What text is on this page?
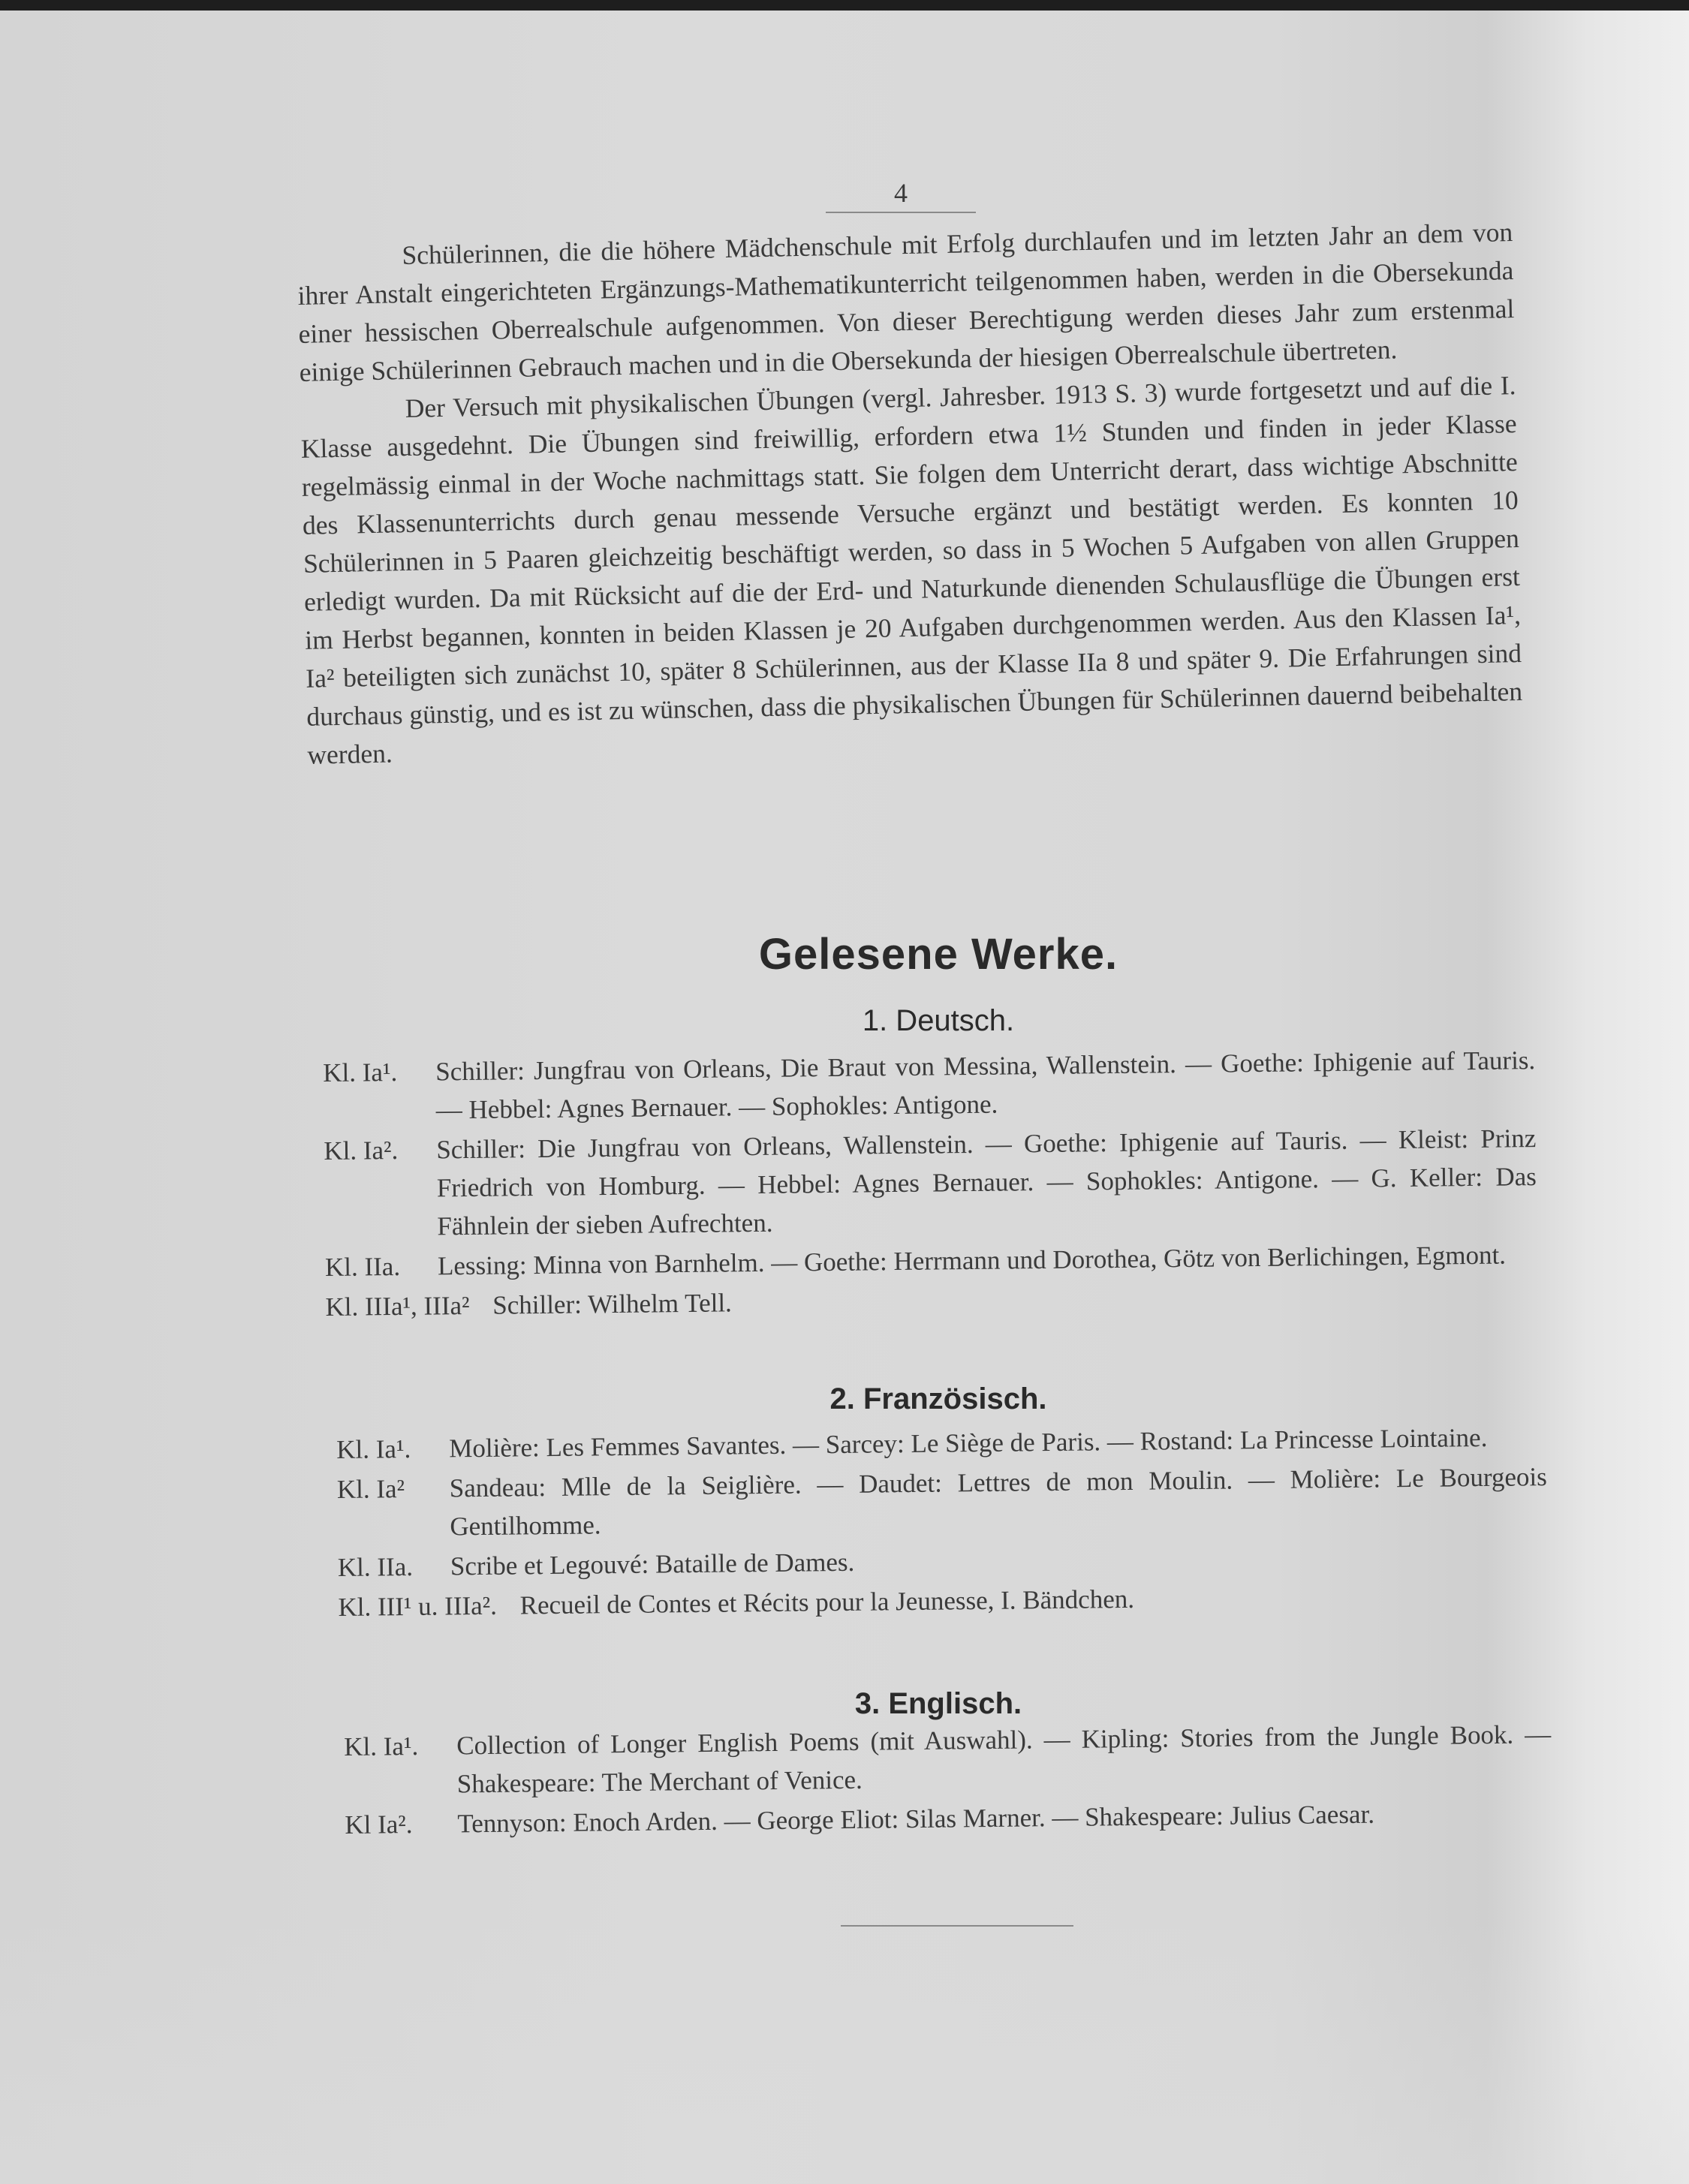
4

Schülerinnen, die die höhere Mädchenschule mit Erfolg durchlaufen und im letzten Jahr an dem von ihrer Anstalt eingerichteten Ergänzungs-Mathematikunterricht teilgenommen haben, werden in die Obersekunda einer hessischen Oberrealschule aufgenommen. Von dieser Berechtigung werden dieses Jahr zum erstenmal einige Schülerinnen Gebrauch machen und in die Obersekunda der hiesigen Oberrealschule übertreten.

Der Versuch mit physikalischen Übungen (vergl. Jahresber. 1913 S. 3) wurde fortgesetzt und auf die I. Klasse ausgedehnt. Die Übungen sind freiwillig, erfordern etwa 1½ Stunden und finden in jeder Klasse regelmässig einmal in der Woche nachmittags statt. Sie folgen dem Unterricht derart, dass wichtige Abschnitte des Klassenunterrichts durch genau messende Versuche ergänzt und bestätigt werden. Es konnten 10 Schülerinnen in 5 Paaren gleichzeitig beschäftigt werden, so dass in 5 Wochen 5 Aufgaben von allen Gruppen erledigt wurden. Da mit Rücksicht auf die der Erd- und Naturkunde dienenden Schulausflüge die Übungen erst im Herbst begannen, konnten in beiden Klassen je 20 Aufgaben durchgenommen werden. Aus den Klassen Ia¹, Ia² beteiligten sich zunächst 10, später 8 Schülerinnen, aus der Klasse IIa 8 und später 9. Die Erfahrungen sind durchaus günstig, und es ist zu wünschen, dass die physikalischen Übungen für Schülerinnen dauernd beibehalten werden.

Gelesene Werke.
1. Deutsch.
Kl. Ia¹. Schiller: Jungfrau von Orleans, Die Braut von Messina, Wallenstein. — Goethe: Iphigenie auf Tauris. — Hebbel: Agnes Bernauer. — Sophokles: Antigone.
Kl. Ia². Schiller: Die Jungfrau von Orleans, Wallenstein. — Goethe: Iphigenie auf Tauris. — Kleist: Prinz Friedrich von Homburg. — Hebbel: Agnes Bernauer. — Sophokles: Antigone. — G. Keller: Das Fähnlein der sieben Aufrechten.
Kl. IIa. Lessing: Minna von Barnhelm. — Goethe: Herrmann und Dorothea, Götz von Berlichingen, Egmont.
Kl. IIIa¹, IIIa² Schiller: Wilhelm Tell.
2. Französisch.
Kl. Ia¹. Molière: Les Femmes Savantes. — Sarcey: Le Siège de Paris. — Rostand: La Princesse Lointaine.
Kl. Ia² Sandeau: Mlle de la Seiglière. — Daudet: Lettres de mon Moulin. — Molière: Le Bourgeois Gentilhomme.
Kl. IIa. Scribe et Legouvé: Bataille de Dames.
Kl. III¹ u. IIIa². Recueil de Contes et Récits pour la Jeunesse, I. Bändchen.
3. Englisch.
Kl. Ia¹. Collection of Longer English Poems (mit Auswahl). — Kipling: Stories from the Jungle Book. — Shakespeare: The Merchant of Venice.
Kl Ia². Tennyson: Enoch Arden. — George Eliot: Silas Marner. — Shakespeare: Julius Caesar.
